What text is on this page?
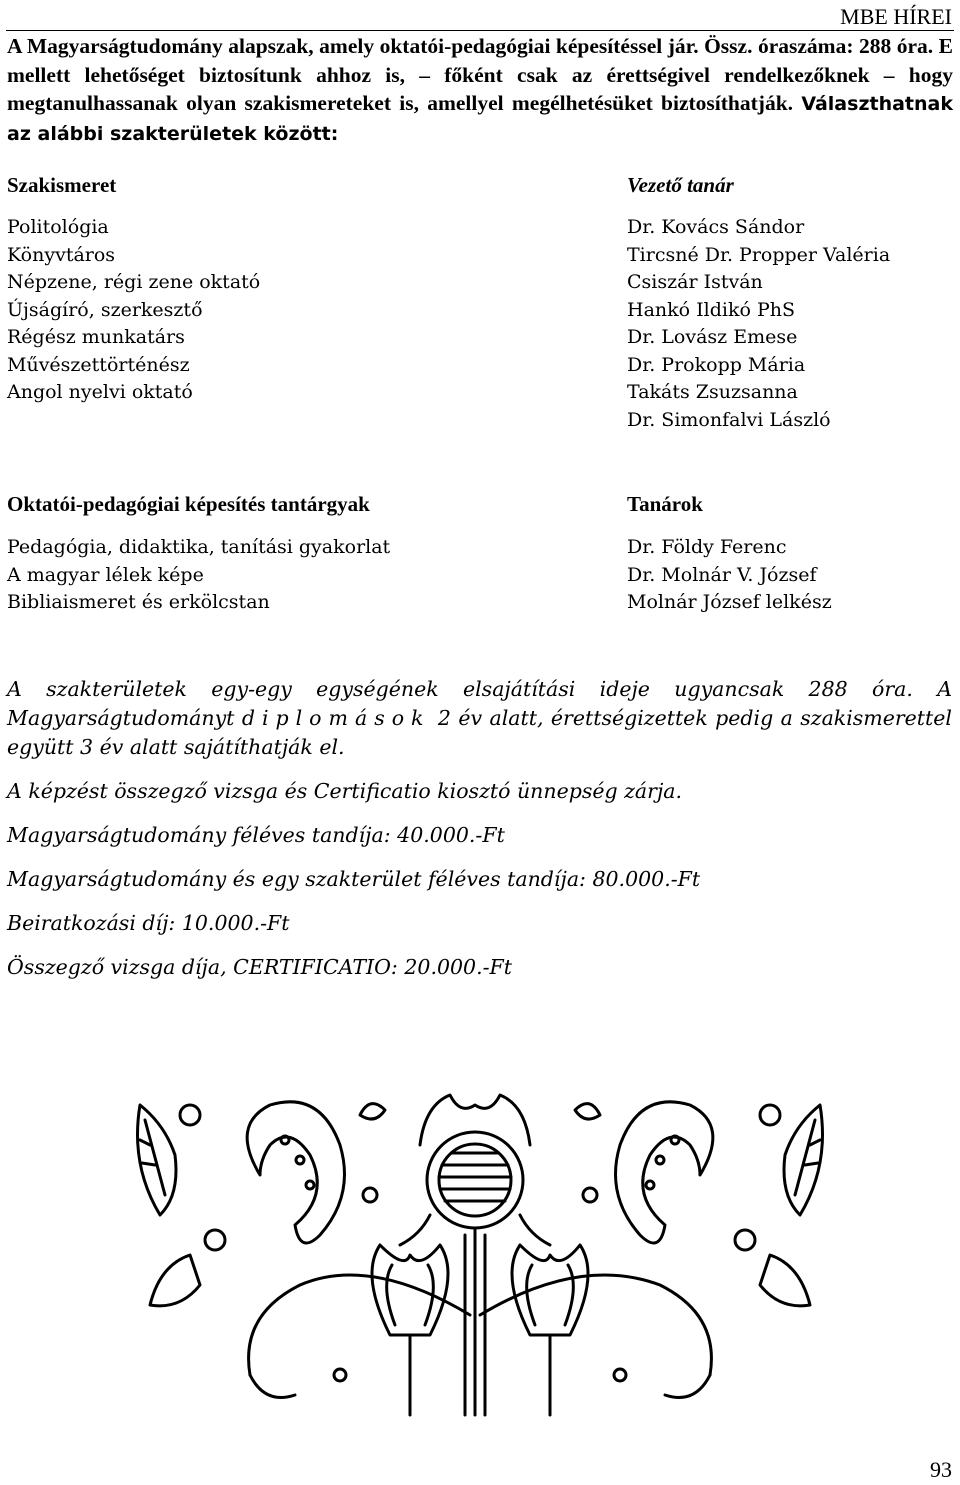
MBE HÍREI
A Magyarságtudomány alapszak, amely oktatói-pedagógiai képesítéssel jár. Össz. óraszáma: 288 óra. E mellett lehetőséget biztosítunk ahhoz is, – főként csak az érettségivel rendelkezőknek – hogy megtanulhassanak olyan szakismereteket is, amellyel megélhetésüket biztosíthatják. Választhatnak az alábbi szakterületek között:
Szakismeret	Vezető tanár
Politológia
Könyvtáros
Népzene, régi zene oktató
Újságíró, szerkesztő
Régész munkatárs
Művészettörténész
Angol nyelvi oktató
Dr. Kovács Sándor
Tircsné Dr. Propper Valéria
Csiszár István
Hankó Ildikó PhS
Dr. Lovász Emese
Dr. Prokopp Mária
Takáts Zsuzsanna
Dr. Simonfalvi László
Oktatói-pedagógiai képesítés tantárgyak	Tanárok
Pedagógia, didaktika, tanítási gyakorlat
A magyar lélek képe
Bibliaismeret és erkölcstan
Dr. Földy Ferenc
Dr. Molnár V. József
Molnár József lelkész
A szakterületek egy-egy egységének elsajátítási ideje ugyancsak 288 óra. A Magyarságtudományt diplomások 2 év alatt, érettségizettek pedig a szakismerettel együtt 3 év alatt sajátíthatják el.
A képzést összegző vizsga és Certificatio kiosztó ünnepség zárja.
Magyarságtudomány féléves tandíja: 40.000.-Ft
Magyarságtudomány és egy szakterület féléves tandíja: 80.000.-Ft
Beiratkozási díj: 10.000.-Ft
Összegző vizsga díja, CERTIFICATIO: 20.000.-Ft
93
